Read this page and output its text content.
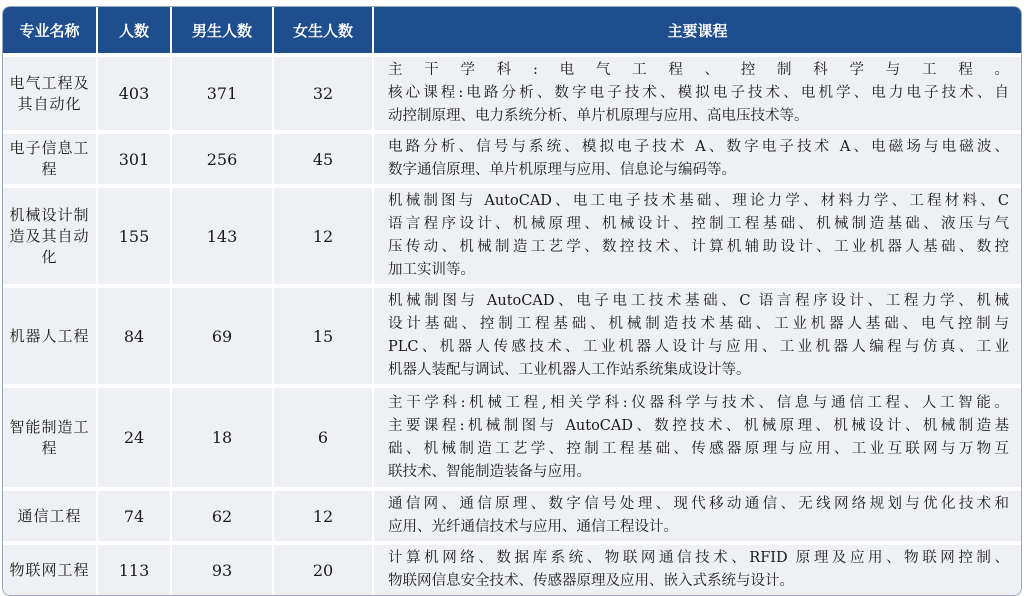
专业名称	人数	男生人数	女生人数	主要课程
电气工程及其自动化	403	371	32	主干学科:电气工程、控制科学与工程。
核心课程:电路分析、数字电子技术、模拟电子技术、电机学、电力电子技术、自
动控制原理、电力系统分析、单片机原理与应用、高电压技术等。

电子信息工程	301	256	45	电路分析、信号与系统、模拟电子技术 A、数字电子技术 A、电磁场与电磁波、
数字通信原理、单片机原理与应用、信息论与编码等。

机械设计制造及其自动化	155	143	12	机械制图与 AutoCAD、电工电子技术基础、理论力学、材料力学、工程材料、C
语言程序设计、机械原理、机械设计、控制工程基础、机械制造基础、液压与气
压传动、机械制造工艺学、数控技术、计算机辅助设计、工业机器人基础、数控
加工实训等。

机器人工程	84	69	15	机械制图与 AutoCAD、电子电工技术基础、C 语言程序设计、工程力学、机械
设计基础、控制工程基础、机械制造技术基础、工业机器人基础、电气控制与
PLC、机器人传感技术、工业机器人设计与应用、工业机器人编程与仿真、工业
机器人装配与调试、工业机器人工作站系统集成设计等。

智能制造工程	24	18	6	主干学科:机械工程,相关学科:仪器科学与技术、信息与通信工程、人工智能。
主要课程:机械制图与 AutoCAD、数控技术、机械原理、机械设计、机械制造基
础、机械制造工艺学、控制工程基础、传感器原理与应用、工业互联网与万物互
联技术、智能制造装备与应用。

通信工程	74	62	12	通信网、通信原理、数字信号处理、现代移动通信、无线网络规划与优化技术和
应用、光纤通信技术与应用、通信工程设计。

物联网工程	113	93	20	计算机网络、数据库系统、物联网通信技术、RFID 原理及应用、物联网控制、
物联网信息安全技术、传感器原理及应用、嵌入式系统与设计。
